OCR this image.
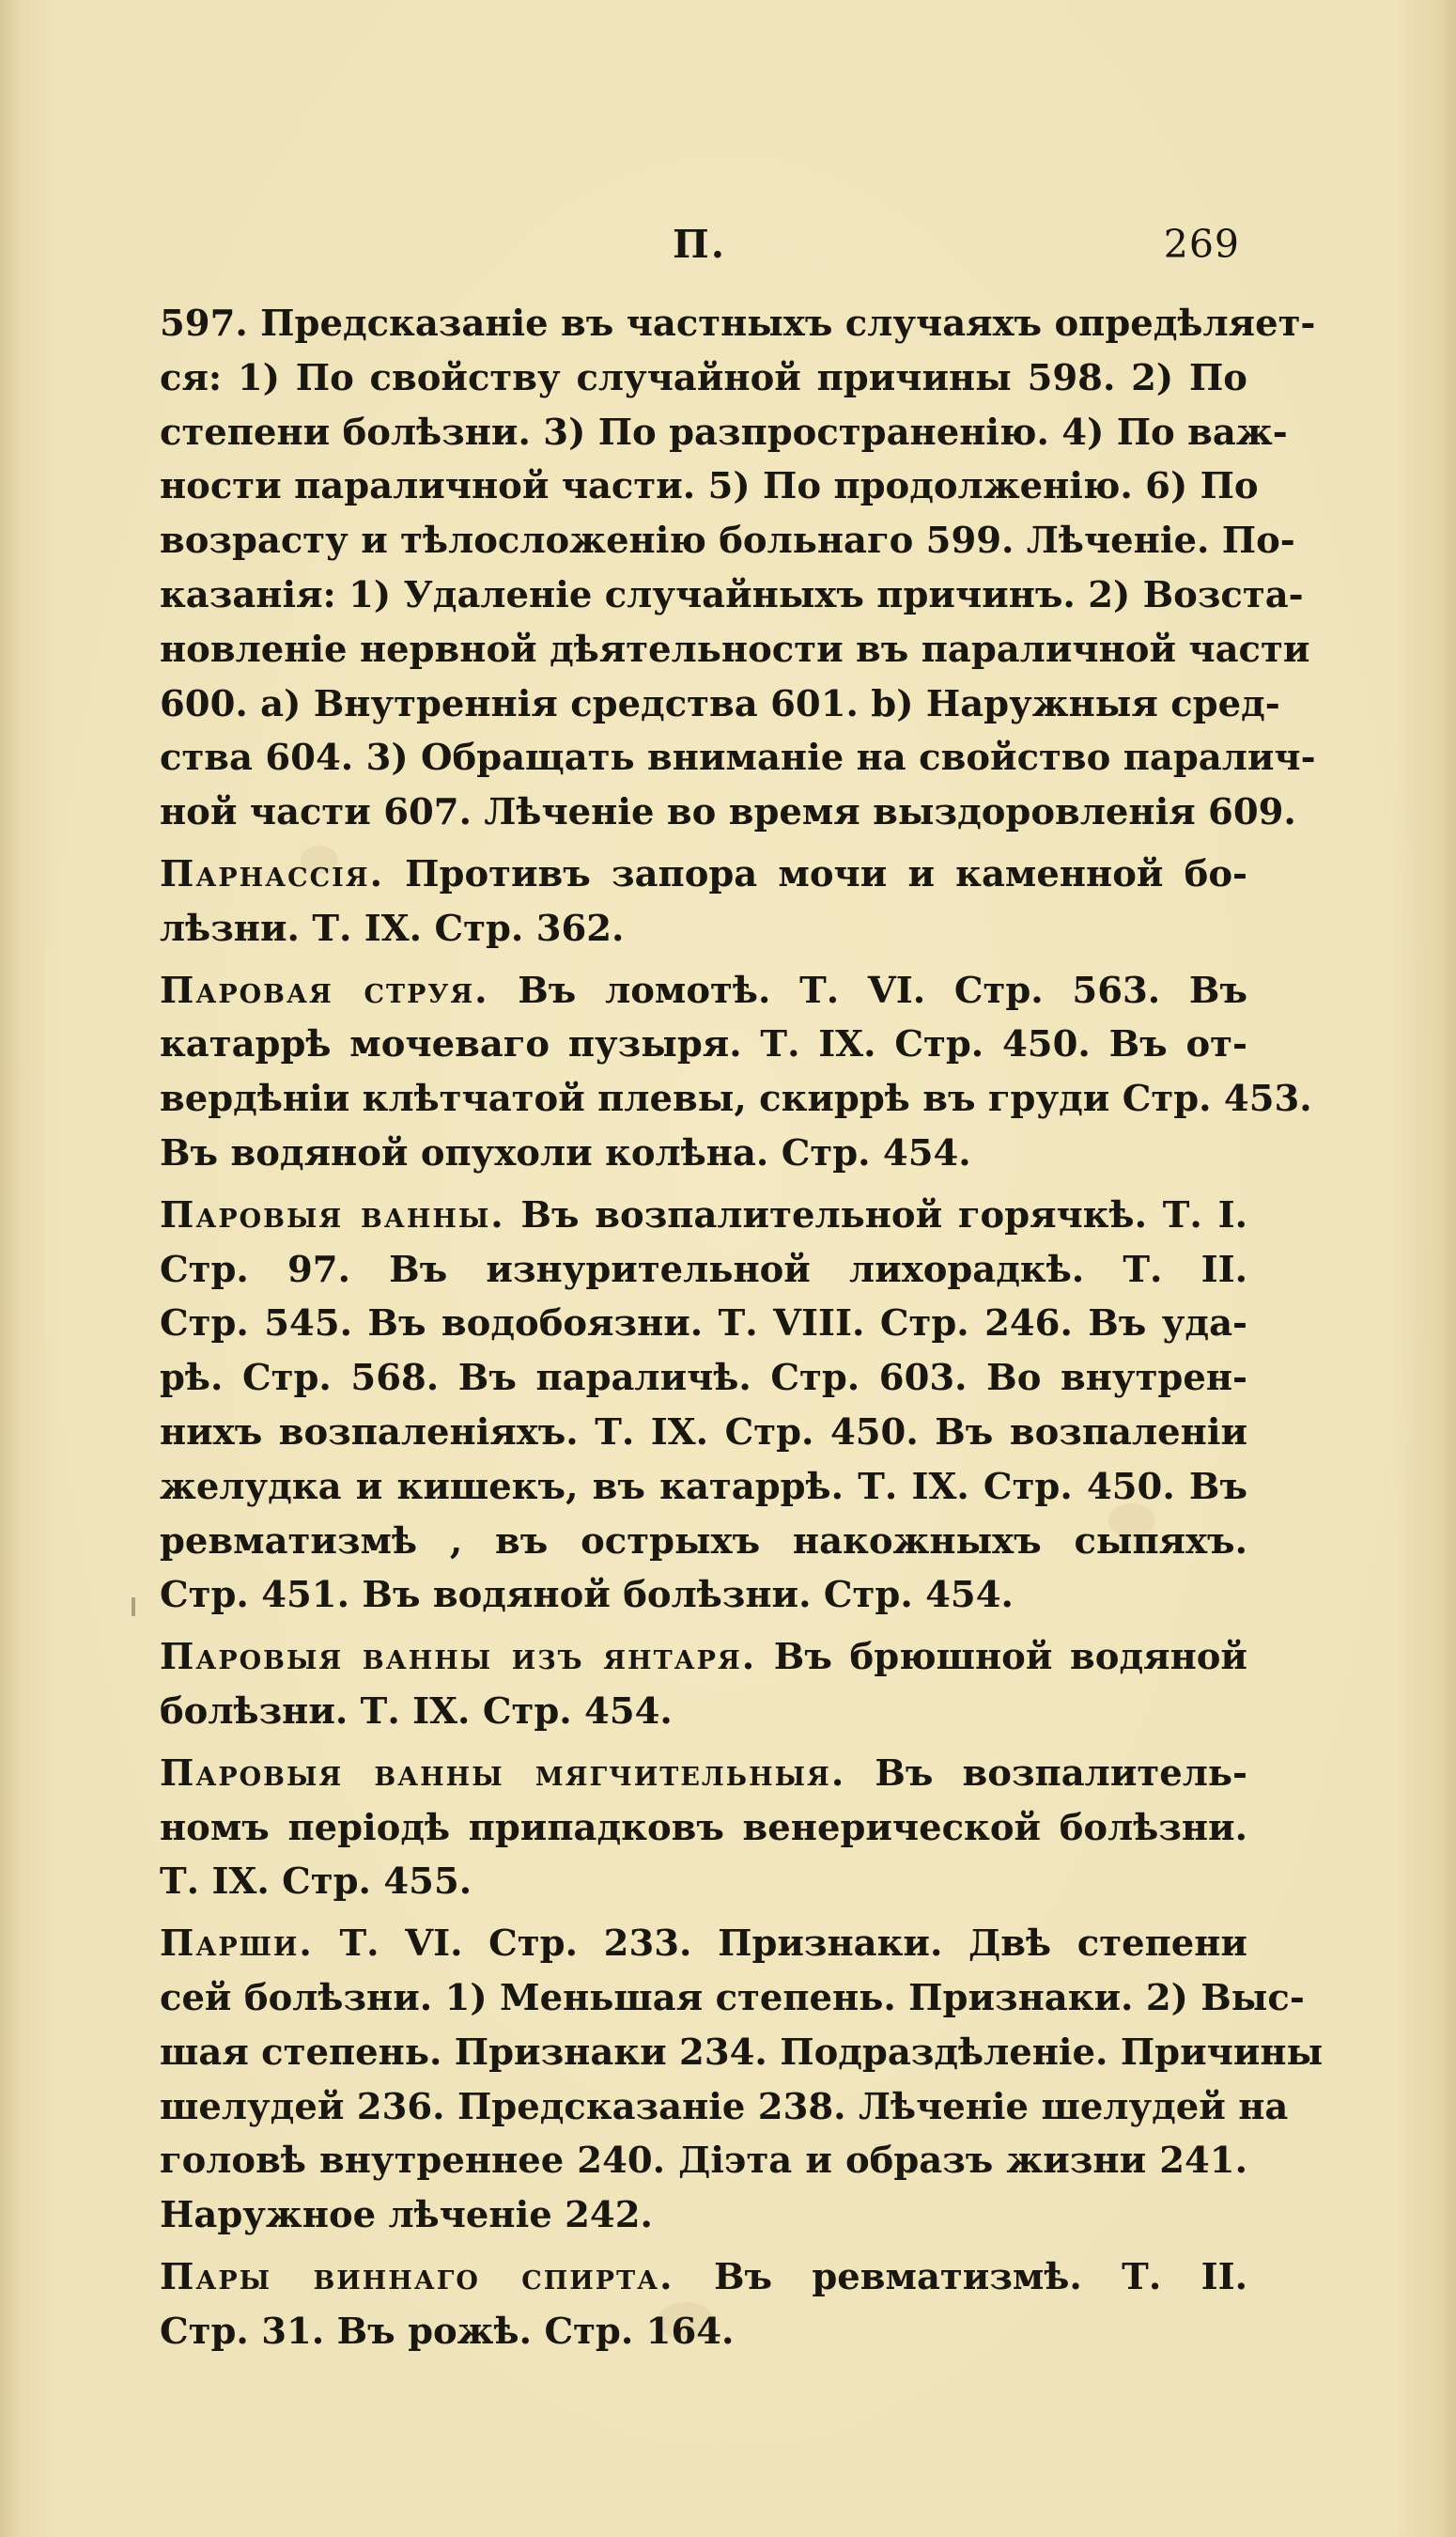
П.	269
597. Предсказаніе въ частныхъ случаяхъ опредѣляет-
ся: 1) По свойству случайной причины 598. 2) По
степени болѣзни. 3) По разпространенію. 4) По важ-
ности параличной части. 5) По продолженію. 6) По
возрасту и тѣлосложенію больнаго 599. Лѣченіе. По-
казанія: 1) Удаленіе случайныхъ причинъ. 2) Возста-
новленіе нервной дѣятельности въ параличной части
600. а) Внутреннія средства 601. b) Наружныя сред-
ства 604. 3) Обращать вниманіе на свойство паралич-
ной части 607. Лѣченіе во время выздоровленія 609.
Парнассія. Противъ запора мочи и каменной бо-
лѣзни. Т. IX. Стр. 362.
Паровая струя. Въ ломотѣ. Т. VI. Стр. 563. Въ
катаррѣ мочеваго пузыря. Т. IX. Стр. 450. Въ от-
вердѣніи клѣтчатой плевы, скиррѣ въ груди Стр. 453.
Въ водяной опухоли колѣна. Стр. 454.
Паровыя ванны. Въ возпалительной горячкѣ. Т. I.
Стр. 97. Въ изнурительной лихорадкѣ. Т. II.
Стр. 545. Въ водобоязни. Т. VIII. Стр. 246. Въ уда-
рѣ. Стр. 568. Въ параличѣ. Стр. 603. Во внутрен-
нихъ возпаленіяхъ. Т. IX. Стр. 450. Въ возпаленіи
желудка и кишекъ, въ катаррѣ. Т. IX. Стр. 450. Въ
ревматизмѣ , въ острыхъ накожныхъ сыпяхъ.
Стр. 451. Въ водяной болѣзни. Стр. 454.
Паровыя ванны изъ янтаря. Въ брюшной водяной
болѣзни. Т. IX. Стр. 454.
Паровыя ванны мягчительныя. Въ возпалитель-
номъ періодѣ припадковъ венерической болѣзни.
Т. IX. Стр. 455.
Парши. Т. VI. Стр. 233. Признаки. Двѣ степени
сей болѣзни. 1) Меньшая степень. Признаки. 2) Выс-
шая степень. Признаки 234. Подраздѣленіе. Причины
шелудей 236. Предсказаніе 238. Лѣченіе шелудей на
головѣ внутреннее 240. Діэта и образъ жизни 241.
Наружное лѣченіе 242.
Пары виннаго спирта. Въ ревматизмѣ. Т. II.
Стр. 31. Въ рожѣ. Стр. 164.
